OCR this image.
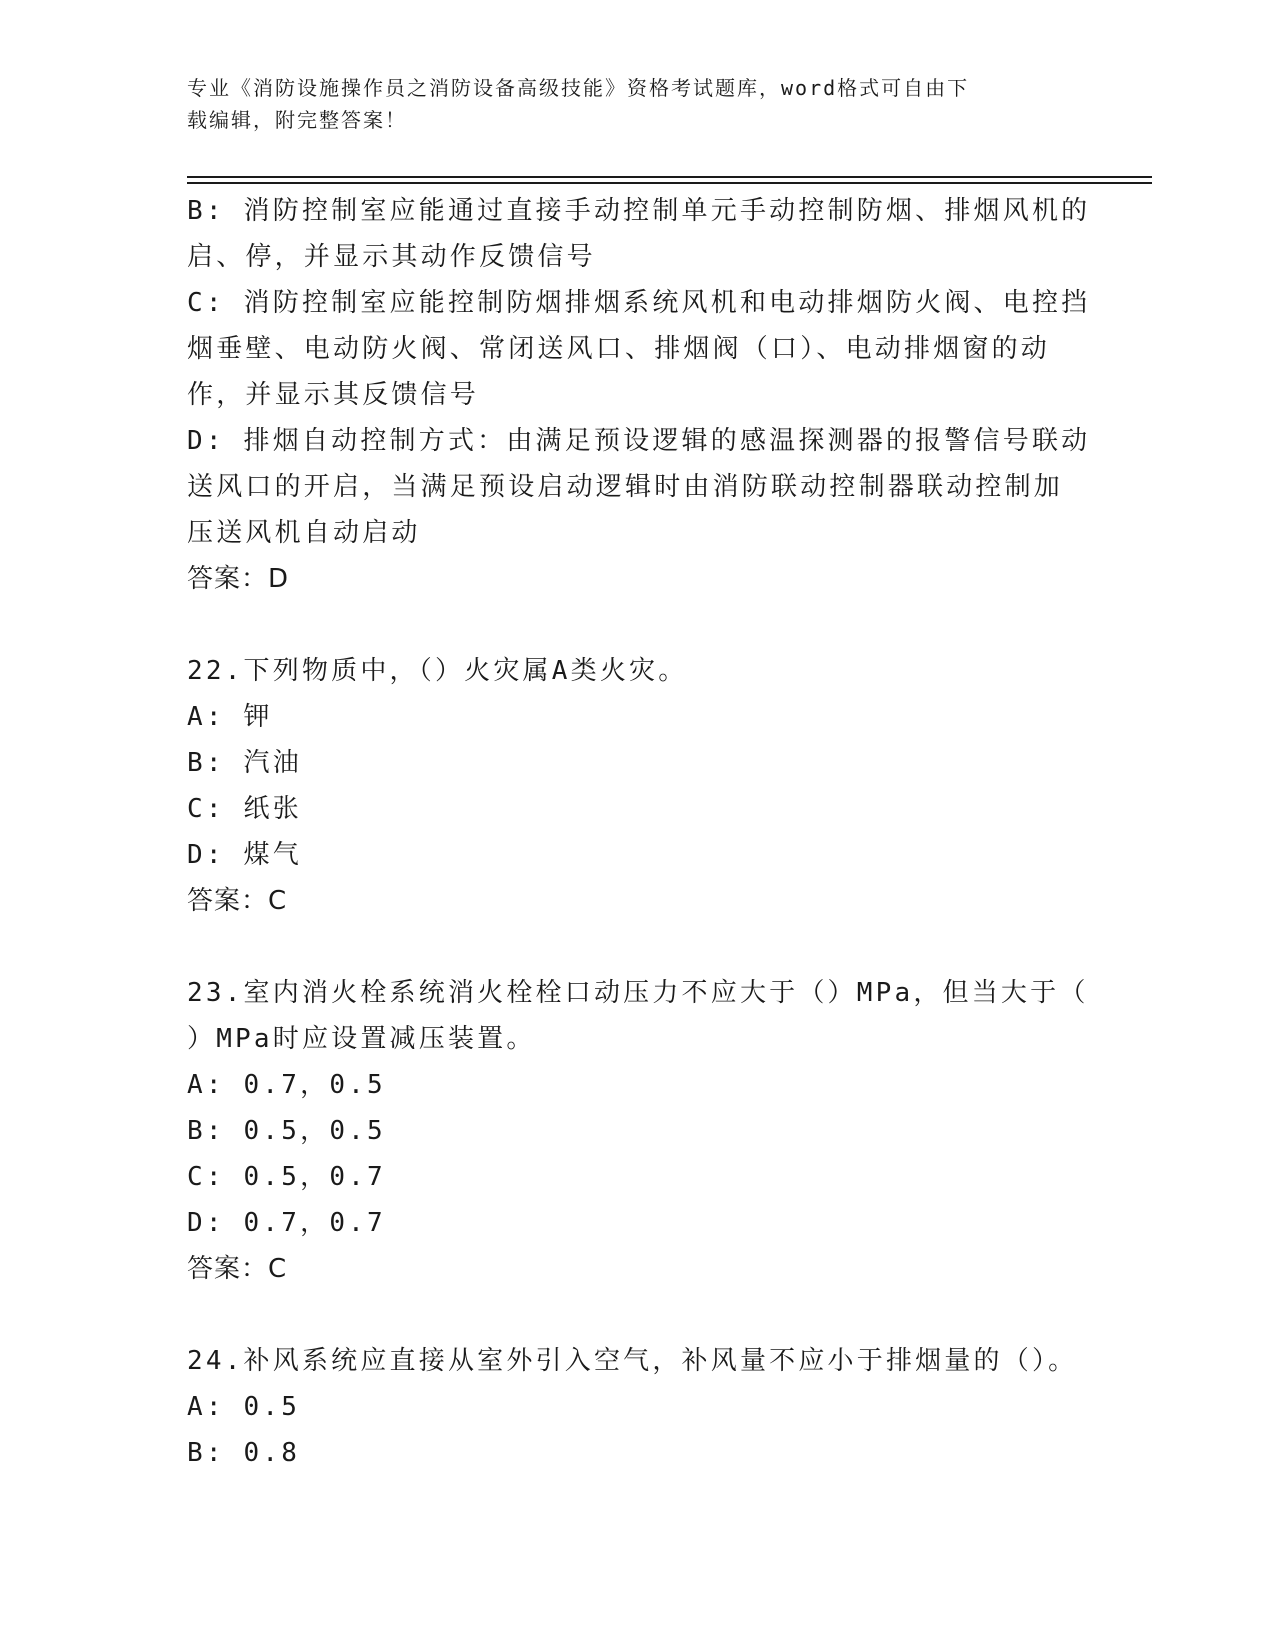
专业《消防设施操作员之消防设备高级技能》资格考试题库，word格式可自由下
载编辑，附完整答案！
B: 消防控制室应能通过直接手动控制单元手动控制防烟、排烟风机的
启、停，并显示其动作反馈信号
C: 消防控制室应能控制防烟排烟系统风机和电动排烟防火阀、电控挡
烟垂壁、电动防火阀、常闭送风口、排烟阀（口）、电动排烟窗的动
作，并显示其反馈信号
D: 排烟自动控制方式：由满足预设逻辑的感温探测器的报警信号联动
送风口的开启，当满足预设启动逻辑时由消防联动控制器联动控制加
压送风机自动启动
答案：D
22.下列物质中，（）火灾属A类火灾。
A: 钾
B: 汽油
C: 纸张
D: 煤气
答案：C
23.室内消火栓系统消火栓栓口动压力不应大于（）MPa，但当大于（
）MPa时应设置减压装置。
A: 0.7，0.5
B: 0.5，0.5
C: 0.5，0.7
D: 0.7，0.7
答案：C
24.补风系统应直接从室外引入空气，补风量不应小于排烟量的（）。
A: 0.5
B: 0.8
